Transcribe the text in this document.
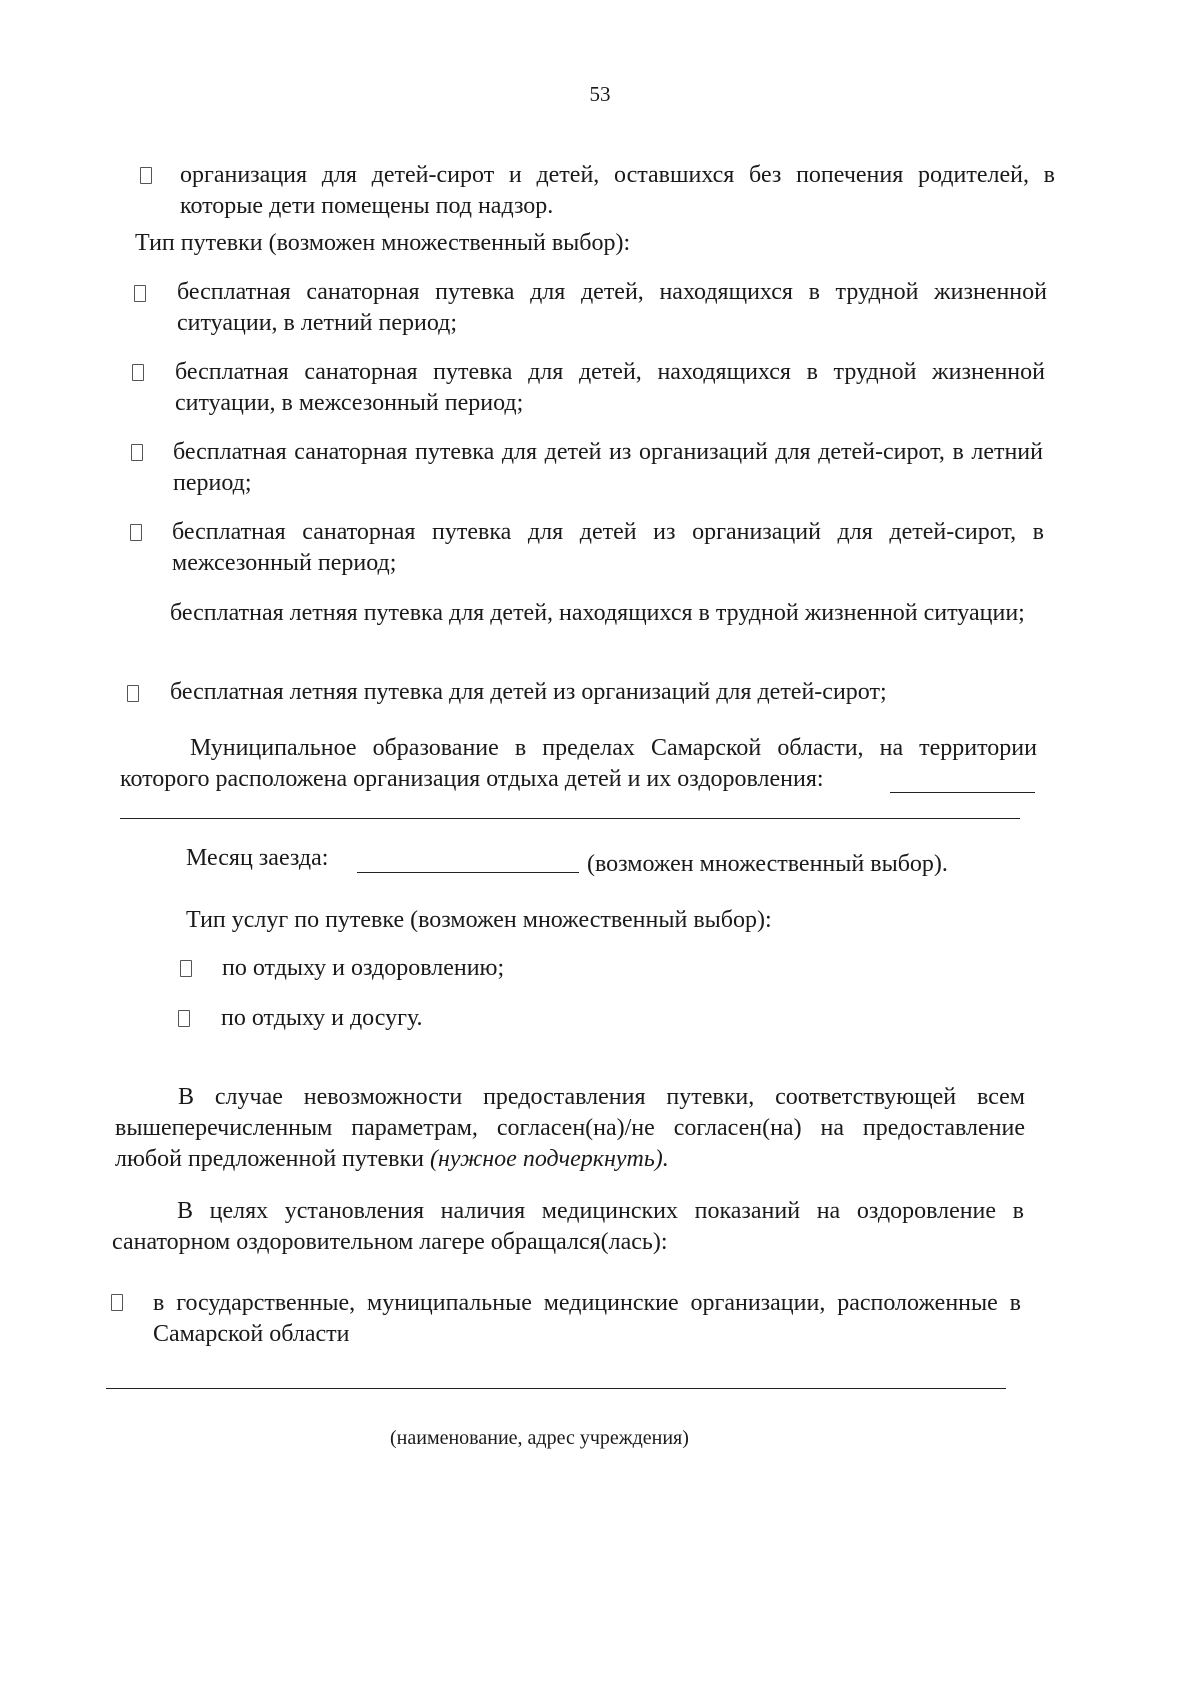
53
организация для детей-сирот и детей, оставшихся без попечения родителей, в которые дети помещены под надзор.
Тип путевки (возможен множественный выбор):
бесплатная санаторная путевка для детей, находящихся в трудной жизненной ситуации, в летний период;
бесплатная санаторная путевка для детей, находящихся в трудной жизненной ситуации, в межсезонный период;
бесплатная санаторная путевка для детей из организаций для детей-сирот, в летний период;
бесплатная санаторная путевка для детей из организаций для детей-сирот, в межсезонный период;
бесплатная летняя путевка для детей, находящихся в трудной жизненной ситуации;
бесплатная летняя путевка для детей из организаций для детей-сирот;
Муниципальное образование в пределах Самарской области, на территории которого расположена организация отдыха детей и их оздоровления:
Месяц заезда:	(возможен множественный выбор).
Тип услуг по путевке (возможен множественный выбор):
по отдыху и оздоровлению;
по отдыху и досугу.
В случае невозможности предоставления путевки, соответствующей всем вышеперечисленным параметрам, согласен(на)/не согласен(на) на предоставление любой предложенной путевки (нужное подчеркнуть).
В целях установления наличия медицинских показаний на оздоровление в санаторном оздоровительном лагере обращался(лась):
в государственные, муниципальные медицинские организации, расположенные в Самарской области
(наименование, адрес учреждения)
